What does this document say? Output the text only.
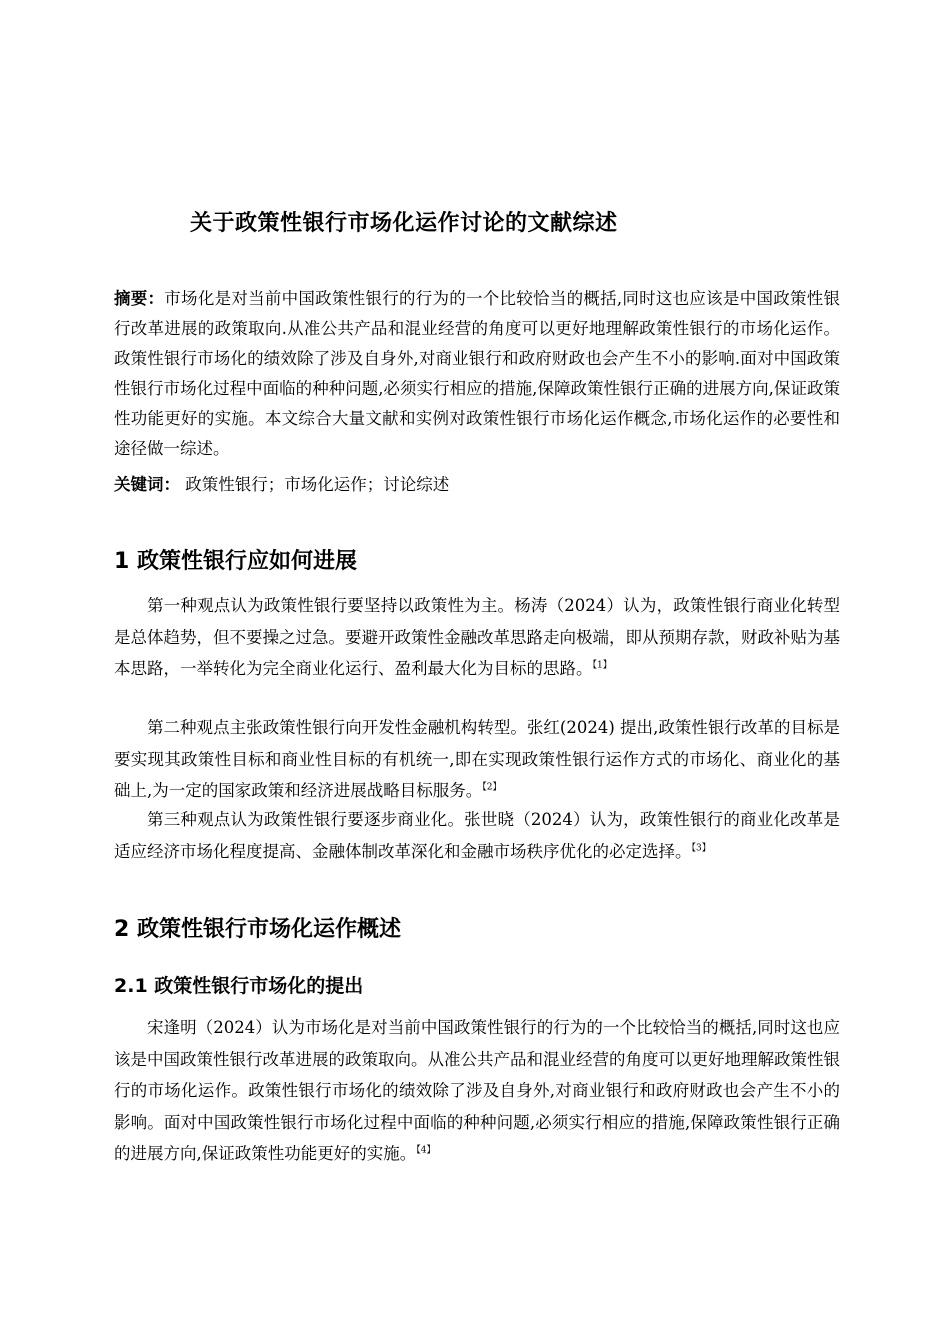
关于政策性银行市场化运作讨论的文献综述

摘要：市场化是对当前中国政策性银行的行为的一个比较恰当的概括,同时这也应该是中国政策性银行改革进展的政策取向.从准公共产品和混业经营的角度可以更好地理解政策性银行的市场化运作。政策性银行市场化的绩效除了涉及自身外,对商业银行和政府财政也会产生不小的影响.面对中国政策性银行市场化过程中面临的种种问题,必须实行相应的措施,保障政策性银行正确的进展方向,保证政策性功能更好的实施。本文综合大量文献和实例对政策性银行市场化运作概念,市场化运作的必要性和途径做一综述。

关键词： 政策性银行；市场化运作；讨论综述

1 政策性银行应如何进展

第一种观点认为政策性银行要坚持以政策性为主。杨涛（2024）认为，政策性银行商业化转型是总体趋势，但不要操之过急。要避开政策性金融改革思路走向极端，即从预期存款，财政补贴为基本思路，一举转化为完全商业化运行、盈利最大化为目标的思路。$^{【1】}$

第二种观点主张政策性银行向开发性金融机构转型。张红(2024) 提出,政策性银行改革的目标是要实现其政策性目标和商业性目标的有机统一,即在实现政策性银行运作方式的市场化、商业化的基础上,为一定的国家政策和经济进展战略目标服务。$^{【2】}$

第三种观点认为政策性银行要逐步商业化。张世晓（2024）认为，政策性银行的商业化改革是适应经济市场化程度提高、金融体制改革深化和金融市场秩序优化的必定选择。$^{【3】}$

2 政策性银行市场化运作概述
2.1 政策性银行市场化的提出

宋逢明（2024）认为市场化是对当前中国政策性银行的行为的一个比较恰当的概括,同时这也应该是中国政策性银行改革进展的政策取向。从准公共产品和混业经营的角度可以更好地理解政策性银行的市场化运作。政策性银行市场化的绩效除了涉及自身外,对商业银行和政府财政也会产生不小的影响。面对中国政策性银行市场化过程中面临的种种问题,必须实行相应的措施,保障政策性银行正确的进展方向,保证政策性功能更好的实施。$^{【4】}$
